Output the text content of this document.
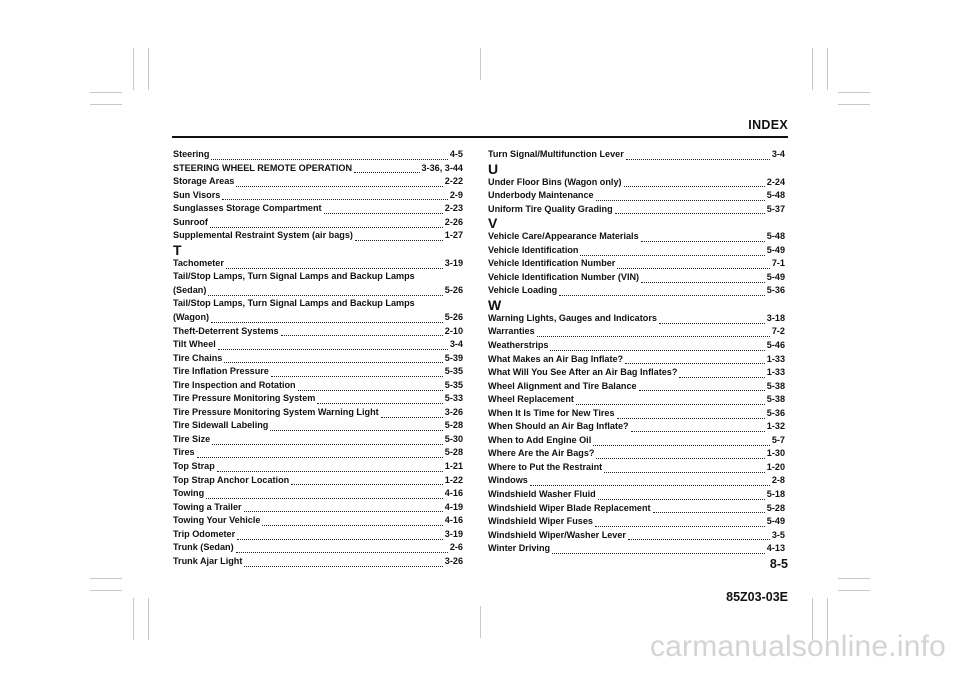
INDEX
Steering	4-5
STEERING WHEEL REMOTE OPERATION	3-36, 3-44
Storage Areas	2-22
Sun Visors	2-9
Sunglasses Storage Compartment	2-23
Sunroof	2-26
Supplemental Restraint System (air bags)	1-27
T
Tachometer	3-19
Tail/Stop Lamps, Turn Signal Lamps and Backup Lamps
(Sedan)	5-26
Tail/Stop Lamps, Turn Signal Lamps and Backup Lamps
(Wagon)	5-26
Theft-Deterrent Systems	2-10
Tilt Wheel	3-4
Tire Chains	5-39
Tire Inflation Pressure	5-35
Tire Inspection and Rotation	5-35
Tire Pressure Monitoring System	5-33
Tire Pressure Monitoring System Warning Light	3-26
Tire Sidewall Labeling	5-28
Tire Size	5-30
Tires	5-28
Top Strap	1-21
Top Strap Anchor Location	1-22
Towing	4-16
Towing a Trailer	4-19
Towing Your Vehicle	4-16
Trip Odometer	3-19
Trunk (Sedan)	2-6
Trunk Ajar Light	3-26
Turn Signal/Multifunction Lever	3-4
U
Under Floor Bins (Wagon only)	2-24
Underbody Maintenance	5-48
Uniform Tire Quality Grading	5-37
V
Vehicle Care/Appearance Materials	5-48
Vehicle Identification	5-49
Vehicle Identification Number	7-1
Vehicle Identification Number (VIN)	5-49
Vehicle Loading	5-36
W
Warning Lights, Gauges and Indicators	3-18
Warranties	7-2
Weatherstrips	5-46
What Makes an Air Bag Inflate?	1-33
What Will You See After an Air Bag Inflates?	1-33
Wheel Alignment and Tire Balance	5-38
Wheel Replacement	5-38
When It Is Time for New Tires	5-36
When Should an Air Bag Inflate?	1-32
When to Add Engine Oil	5-7
Where Are the Air Bags?	1-30
Where to Put the Restraint	1-20
Windows	2-8
Windshield Washer Fluid	5-18
Windshield Wiper Blade Replacement	5-28
Windshield Wiper Fuses	5-49
Windshield Wiper/Washer Lever	3-5
Winter Driving	4-13
8-5
85Z03-03E
carmanualsonline.info
